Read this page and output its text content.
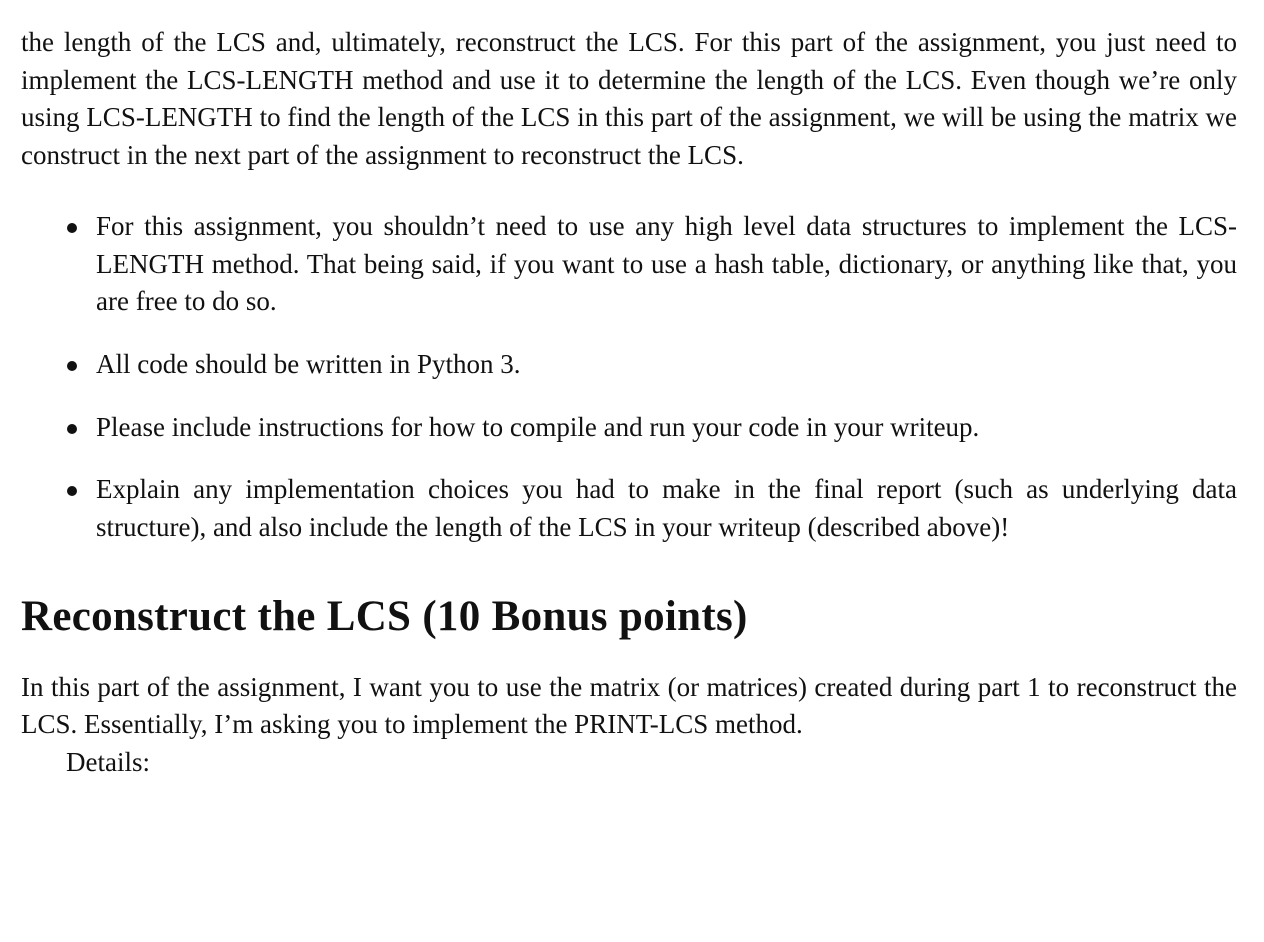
the length of the LCS and, ultimately, reconstruct the LCS. For this part of the assignment, you just need to implement the LCS-LENGTH method and use it to determine the length of the LCS. Even though we’re only using LCS-LENGTH to find the length of the LCS in this part of the assignment, we will be using the matrix we construct in the next part of the assignment to reconstruct the LCS.

For this assignment, you shouldn’t need to use any high level data structures to implement the LCS-LENGTH method. That being said, if you want to use a hash table, dictionary, or anything like that, you are free to do so.
All code should be written in Python 3.
Please include instructions for how to compile and run your code in your writeup.
Explain any implementation choices you had to make in the final report (such as underlying data structure), and also include the length of the LCS in your writeup (described above)!
Reconstruct the LCS (10 Bonus points)

In this part of the assignment, I want you to use the matrix (or matrices) created during part 1 to reconstruct the LCS. Essentially, I’m asking you to implement the PRINT-LCS method.

Details:
